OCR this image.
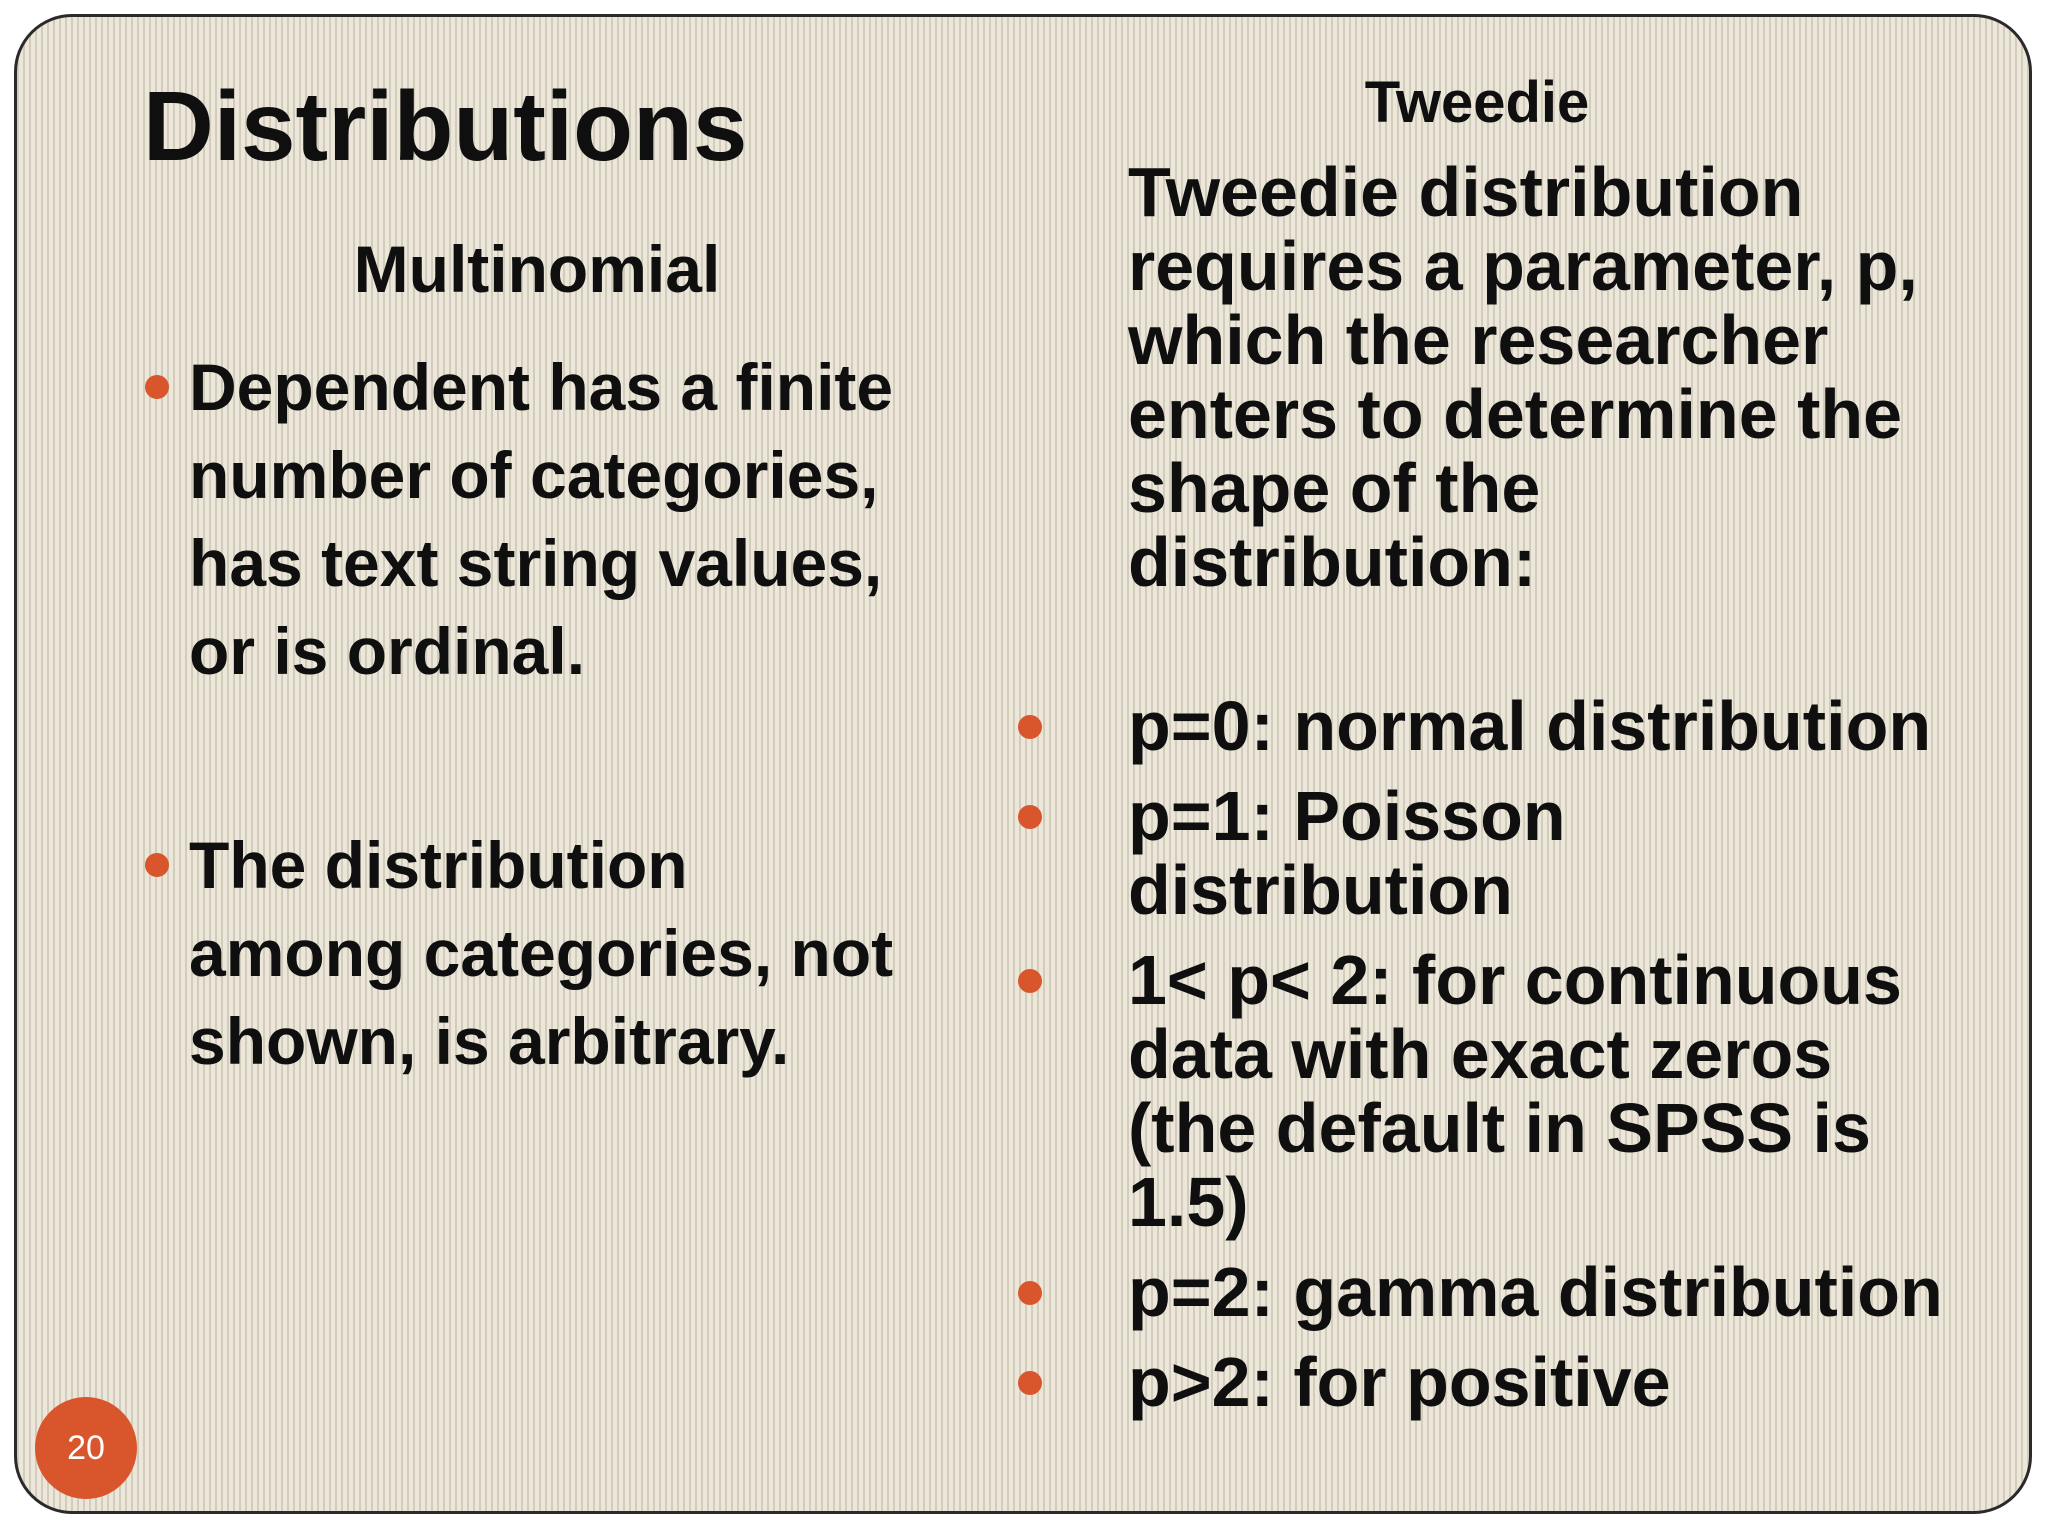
Distributions
Multinomial
Dependent has a finite number of categories, has text string values, or is ordinal.
The distribution among categories, not shown, is arbitrary.
Tweedie
Tweedie distribution requires a parameter, p, which the researcher enters to determine the shape of the distribution:
p=0: normal distribution
p=1: Poisson distribution
1< p< 2: for continuous data with exact zeros (the default in SPSS is 1.5)
p=2: gamma distribution
p>2: for positive
20
